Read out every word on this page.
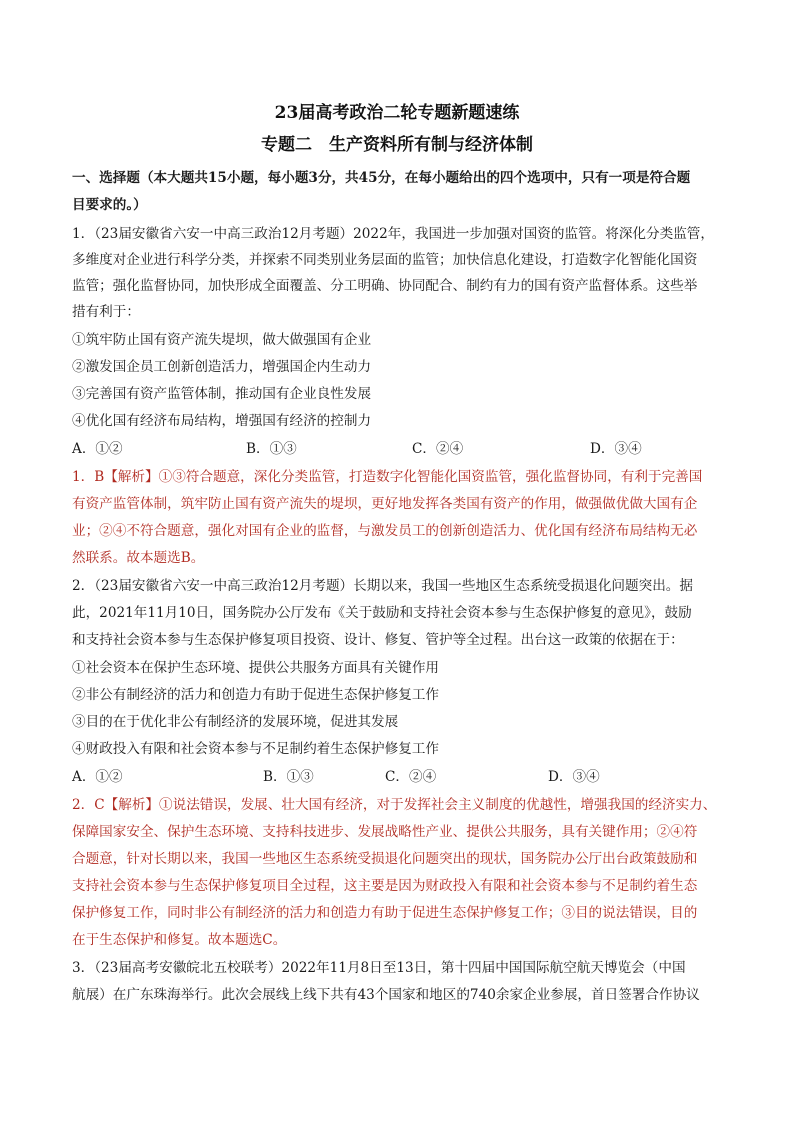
23届高考政治二轮专题新题速练
专题二　生产资料所有制与经济体制
一、选择题（本大题共15小题，每小题3分，共45分，在每小题给出的四个选项中，只有一项是符合题
目要求的。）
1．（23届安徽省六安一中高三政治12月考题）2022年，我国进一步加强对国资的监管。将深化分类监管，
多维度对企业进行科学分类，并探索不同类别业务层面的监管；加快信息化建设，打造数字化智能化国资
监管；强化监督协同，加快形成全面覆盖、分工明确、协同配合、制约有力的国有资产监督体系。这些举
措有利于：
①筑牢防止国有资产流失堤坝，做大做强国有企业
②激发国企员工创新创造活力，增强国企内生动力
③完善国有资产监管体制，推动国有企业良性发展
④优化国有经济布局结构，增强国有经济的控制力
A．①②	B．①③	C．②④	D．③④
1．B【解析】①③符合题意，深化分类监管，打造数字化智能化国资监管，强化监督协同，有利于完善国
有资产监管体制，筑牢防止国有资产流失的堤坝，更好地发挥各类国有资产的作用，做强做优做大国有企
业；②④不符合题意，强化对国有企业的监督，与激发员工的创新创造活力、优化国有经济布局结构无必
然联系。故本题选B。
2．（23届安徽省六安一中高三政治12月考题）长期以来，我国一些地区生态系统受损退化问题突出。据
此，2021年11月10日，国务院办公厅发布《关于鼓励和支持社会资本参与生态保护修复的意见》，鼓励
和支持社会资本参与生态保护修复项目投资、设计、修复、管护等全过程。出台这一政策的依据在于：
①社会资本在保护生态环境、提供公共服务方面具有关键作用
②非公有制经济的活力和创造力有助于促进生态保护修复工作
③目的在于优化非公有制经济的发展环境，促进其发展
④财政投入有限和社会资本参与不足制约着生态保护修复工作
A．①②	B．①③	C．②④	D．③④
2．C【解析】①说法错误，发展、壮大国有经济，对于发挥社会主义制度的优越性，增强我国的经济实力、
保障国家安全、保护生态环境、支持科技进步、发展战略性产业、提供公共服务，具有关键作用；②④符
合题意，针对长期以来，我国一些地区生态系统受损退化问题突出的现状，国务院办公厅出台政策鼓励和
支持社会资本参与生态保护修复项目全过程，这主要是因为财政投入有限和社会资本参与不足制约着生态
保护修复工作，同时非公有制经济的活力和创造力有助于促进生态保护修复工作；③目的说法错误，目的
在于生态保护和修复。故本题选C。
3．（23届高考安徽皖北五校联考）2022年11月8日至13日，第十四届中国国际航空航天博览会（中国
航展）在广东珠海举行。此次会展线上线下共有43个国家和地区的740余家企业参展，首日签署合作协议
